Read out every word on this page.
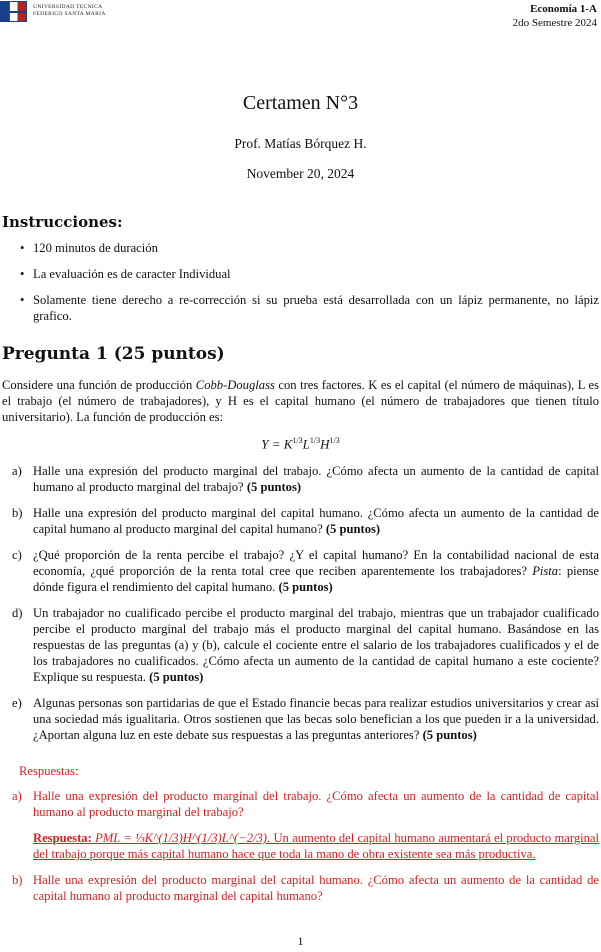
UNIVERSIDAD TECNICA
FEDERICO SANTA MARIA	Economía 1-A
2do Semestre 2024
Certamen N°3
Prof. Matías Bórquez H.
November 20, 2024
Instrucciones:
• 120 minutos de duración
• La evaluación es de caracter Individual
• Solamente tiene derecho a re-corrección si su prueba está desarrollada con un lápiz permanente, no lápiz grafico.
Pregunta 1 (25 puntos)
Considere una función de producción Cobb-Douglass con tres factores. K es el capital (el número de máquinas), L es el trabajo (el número de trabajadores), y H es el capital humano (el número de trabajadores que tienen título universitario). La función de producción es:
$Y = K^{1/3}L^{1/3}H^{1/3}$
a) Halle una expresión del producto marginal del trabajo. ¿Cómo afecta un aumento de la cantidad de capital humano al producto marginal del trabajo? (5 puntos)
b) Halle una expresión del producto marginal del capital humano. ¿Cómo afecta un aumento de la cantidad de capital humano al producto marginal del capital humano? (5 puntos)
c) ¿Qué proporción de la renta percibe el trabajo? ¿Y el capital humano? En la contabilidad nacional de esta economía, ¿qué proporción de la renta total cree que reciben aparentemente los trabajadores? Pista: piense dónde figura el rendimiento del capital humano. (5 puntos)
d) Un trabajador no cualificado percibe el producto marginal del trabajo, mientras que un trabajador cualificado percibe el producto marginal del trabajo más el producto marginal del capital humano. Basándose en las respuestas de las preguntas (a) y (b), calcule el cociente entre el salario de los trabajadores cualificados y el de los trabajadores no cualificados. ¿Cómo afecta un aumento de la cantidad de capital humano a este cociente? Explique su respuesta. (5 puntos)
e) Algunas personas son partidarias de que el Estado financie becas para realizar estudios universitarios y crear así una sociedad más igualitaria. Otros sostienen que las becas solo benefician a los que pueden ir a la universidad. ¿Aportan alguna luz en este debate sus respuestas a las preguntas anteriores? (5 puntos)
Respuestas:
a) Halle una expresión del producto marginal del trabajo. ¿Cómo afecta un aumento de la cantidad de capital humano al producto marginal del trabajo?
Respuesta: PML = ⅓K^(1/3)H^(1/3)L^(−2/3). Un aumento del capital humano aumentará el producto marginal del trabajo porque más capital humano hace que toda la mano de obra existente sea más productiva.
b) Halle una expresión del producto marginal del capital humano. ¿Cómo afecta un aumento de la cantidad de capital humano al producto marginal del capital humano?
1
